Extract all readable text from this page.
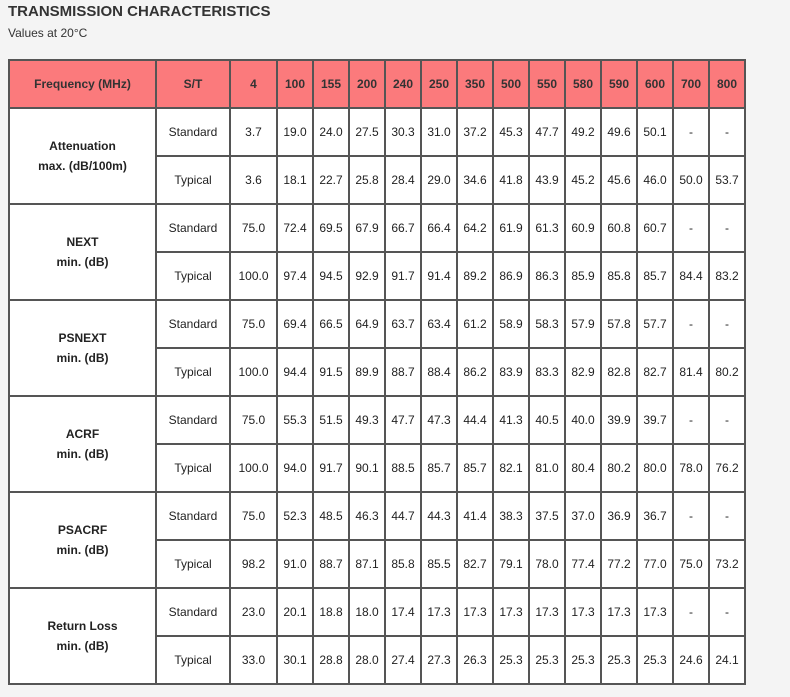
TRANSMISSION CHARACTERISTICS
Values at 20°C
Frequency (MHz)	S/T	4	100	155	200	240	250	350	500	550	580	590	600	700	800

Attenuation
max. (dB/100m)	Standard	3.7	19.0	24.0	27.5	30.3	31.0	37.2	45.3	47.7	49.2	49.6	50.1	-	-
	Typical	3.6	18.1	22.7	25.8	28.4	29.0	34.6	41.8	43.9	45.2	45.6	46.0	50.0	53.7

NEXT
min. (dB)	Standard	75.0	72.4	69.5	67.9	66.7	66.4	64.2	61.9	61.3	60.9	60.8	60.7	-	-
	Typical	100.0	97.4	94.5	92.9	91.7	91.4	89.2	86.9	86.3	85.9	85.8	85.7	84.4	83.2

PSNEXT
min. (dB)	Standard	75.0	69.4	66.5	64.9	63.7	63.4	61.2	58.9	58.3	57.9	57.8	57.7	-	-
	Typical	100.0	94.4	91.5	89.9	88.7	88.4	86.2	83.9	83.3	82.9	82.8	82.7	81.4	80.2

ACRF
min. (dB)	Standard	75.0	55.3	51.5	49.3	47.7	47.3	44.4	41.3	40.5	40.0	39.9	39.7	-	-
	Typical	100.0	94.0	91.7	90.1	88.5	85.7	85.7	82.1	81.0	80.4	80.2	80.0	78.0	76.2

PSACRF
min. (dB)	Standard	75.0	52.3	48.5	46.3	44.7	44.3	41.4	38.3	37.5	37.0	36.9	36.7	-	-
	Typical	98.2	91.0	88.7	87.1	85.8	85.5	82.7	79.1	78.0	77.4	77.2	77.0	75.0	73.2

Return Loss
min. (dB)	Standard	23.0	20.1	18.8	18.0	17.4	17.3	17.3	17.3	17.3	17.3	17.3	17.3	-	-
	Typical	33.0	30.1	28.8	28.0	27.4	27.3	26.3	25.3	25.3	25.3	25.3	25.3	24.6	24.1
